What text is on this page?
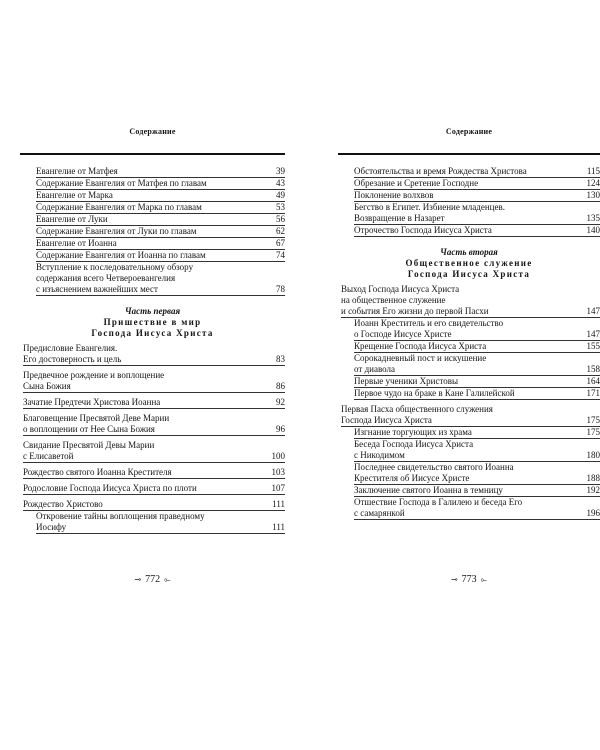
Содержание
Евангелие от Матфея	39
Содержание Евангелия от Матфея по главам	43
Евангелие от Марка	49
Содержание Евангелия от Марка по главам	53
Евангелие от Луки	56
Содержание Евангелия от Луки по главам	62
Евангелие от Иоанна	67
Содержание Евангелия от Иоанна по главам	74
Вступление к последовательному обзору
содержания всего Четвероевангелия
с изъяснением важнейших мест	78
Часть первая
Пришествие в мир
Господа Иисуса Христа
Предисловие Евангелия.
Его достоверность и цель	83
Предвечное рождение и воплощение
Сына Божия	86
Зачатие Предтечи Христова Иоанна	92
Благовещение Пресвятой Деве Марии
о воплощении от Нее Сына Божия	96
Свидание Пресвятой Девы Марии
с Елисаветой	100
Рождество святого Иоанна Крестителя	103
Родословие Господа Иисуса Христа по плоти	107
Рождество Христово	111
Откровение тайны воплощения праведному
Иосифу	111
⊸ 772 ⟜
Содержание
Обстоятельства и время Рождества Христова	115
Обрезание и Сретение Господне	124
Поклонение волхвов	130
Бегство в Египет. Избиение младенцев.
Возвращение в Назарет	135
Отрочество Господа Иисуса Христа	140
Часть вторая
Общественное служение
Господа Иисуса Христа
Выход Господа Иисуса Христа
на общественное служение
и события Его жизни до первой Пасхи	147
Иоанн Креститель и его свидетельство
о Господе Иисусе Христе	147
Крещение Господа Иисуса Христа	155
Сорокадневный пост и искушение
от диавола	158
Первые ученики Христовы	164
Первое чудо на браке в Кане Галилейской	171
Первая Пасха общественного служения
Господа Иисуса Христа	175
Изгнание торгующих из храма	175
Беседа Господа Иисуса Христа
с Никодимом	180
Последнее свидетельство святого Иоанна
Крестителя об Иисусе Христе	188
Заключение святого Иоанна в темницу	192
Отшествие Господа в Галилею и беседа Его
с самарянкой	196
⊸ 773 ⟜
